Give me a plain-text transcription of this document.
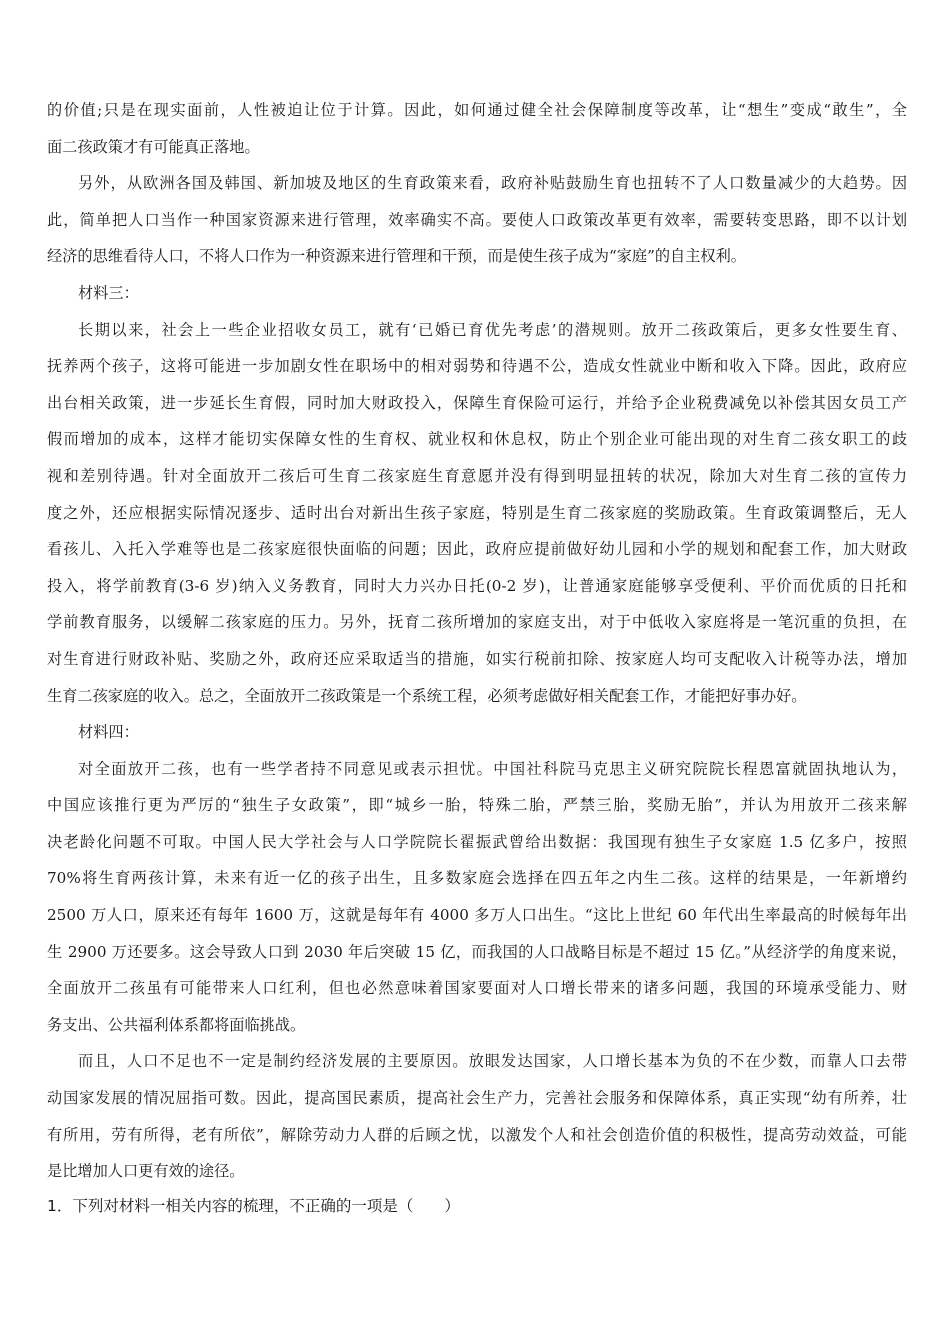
的价值;只是在现实面前，人性被迫让位于计算。因此，如何通过健全社会保障制度等改革，让“想生”变成“敢生”，全
面二孩政策才有可能真正落地。
另外，从欧洲各国及韩国、新加坡及地区的生育政策来看，政府补贴鼓励生育也扭转不了人口数量减少的大趋势。因
此，简单把人口当作一种国家资源来进行管理，效率确实不高。要使人口政策改革更有效率，需要转变思路，即不以计划
经济的思维看待人口，不将人口作为一种资源来进行管理和干预，而是使生孩子成为“家庭”的自主权利。
材料三：
长期以来，社会上一些企业招收女员工，就有‘已婚已育优先考虑’的潜规则。放开二孩政策后，更多女性要生育、
抚养两个孩子，这将可能进一步加剧女性在职场中的相对弱势和待遇不公，造成女性就业中断和收入下降。因此，政府应
出台相关政策，进一步延长生育假，同时加大财政投入，保障生育保险可运行，并给予企业税费减免以补偿其因女员工产
假而增加的成本，这样才能切实保障女性的生育权、就业权和休息权，防止个别企业可能出现的对生育二孩女职工的歧
视和差别待遇。针对全面放开二孩后可生育二孩家庭生育意愿并没有得到明显扭转的状况，除加大对生育二孩的宣传力
度之外，还应根据实际情况逐步、适时出台对新出生孩子家庭，特别是生育二孩家庭的奖励政策。生育政策调整后，无人
看孩儿、入托入学难等也是二孩家庭很快面临的问题；因此，政府应提前做好幼儿园和小学的规划和配套工作，加大财政
投入，将学前教育(3-6 岁)纳入义务教育，同时大力兴办日托(0-2 岁)，让普通家庭能够享受便利、平价而优质的日托和
学前教育服务，以缓解二孩家庭的压力。另外，抚育二孩所增加的家庭支出，对于中低收入家庭将是一笔沉重的负担，在
对生育进行财政补贴、奖励之外，政府还应采取适当的措施，如实行税前扣除、按家庭人均可支配收入计税等办法，增加
生育二孩家庭的收入。总之，全面放开二孩政策是一个系统工程，必须考虑做好相关配套工作，才能把好事办好。
材料四：
对全面放开二孩，也有一些学者持不同意见或表示担忧。中国社科院马克思主义研究院院长程恩富就固执地认为，
中国应该推行更为严厉的“独生子女政策”，即“城乡一胎，特殊二胎，严禁三胎，奖励无胎”，并认为用放开二孩来解
决老龄化问题不可取。中国人民大学社会与人口学院院长翟振武曾给出数据：我国现有独生子女家庭 1.5 亿多户，按照
70%将生育两孩计算，未来有近一亿的孩子出生，且多数家庭会选择在四五年之内生二孩。这样的结果是，一年新增约
2500 万人口，原来还有每年 1600 万，这就是每年有 4000 多万人口出生。“这比上世纪 60 年代出生率最高的时候每年出
生 2900 万还要多。这会导致人口到 2030 年后突破 15 亿，而我国的人口战略目标是不超过 15 亿。”从经济学的角度来说，
全面放开二孩虽有可能带来人口红利，但也必然意味着国家要面对人口增长带来的诸多问题，我国的环境承受能力、财
务支出、公共福利体系都将面临挑战。
而且，人口不足也不一定是制约经济发展的主要原因。放眼发达国家，人口增长基本为负的不在少数，而靠人口去带
动国家发展的情况屈指可数。因此，提高国民素质，提高社会生产力，完善社会服务和保障体系，真正实现“幼有所养，壮
有所用，劳有所得，老有所依”，解除劳动力人群的后顾之忧，以激发个人和社会创造价值的积极性，提高劳动效益，可能
是比增加人口更有效的途径。
1．下列对材料一相关内容的梳理，不正确的一项是（　　）
